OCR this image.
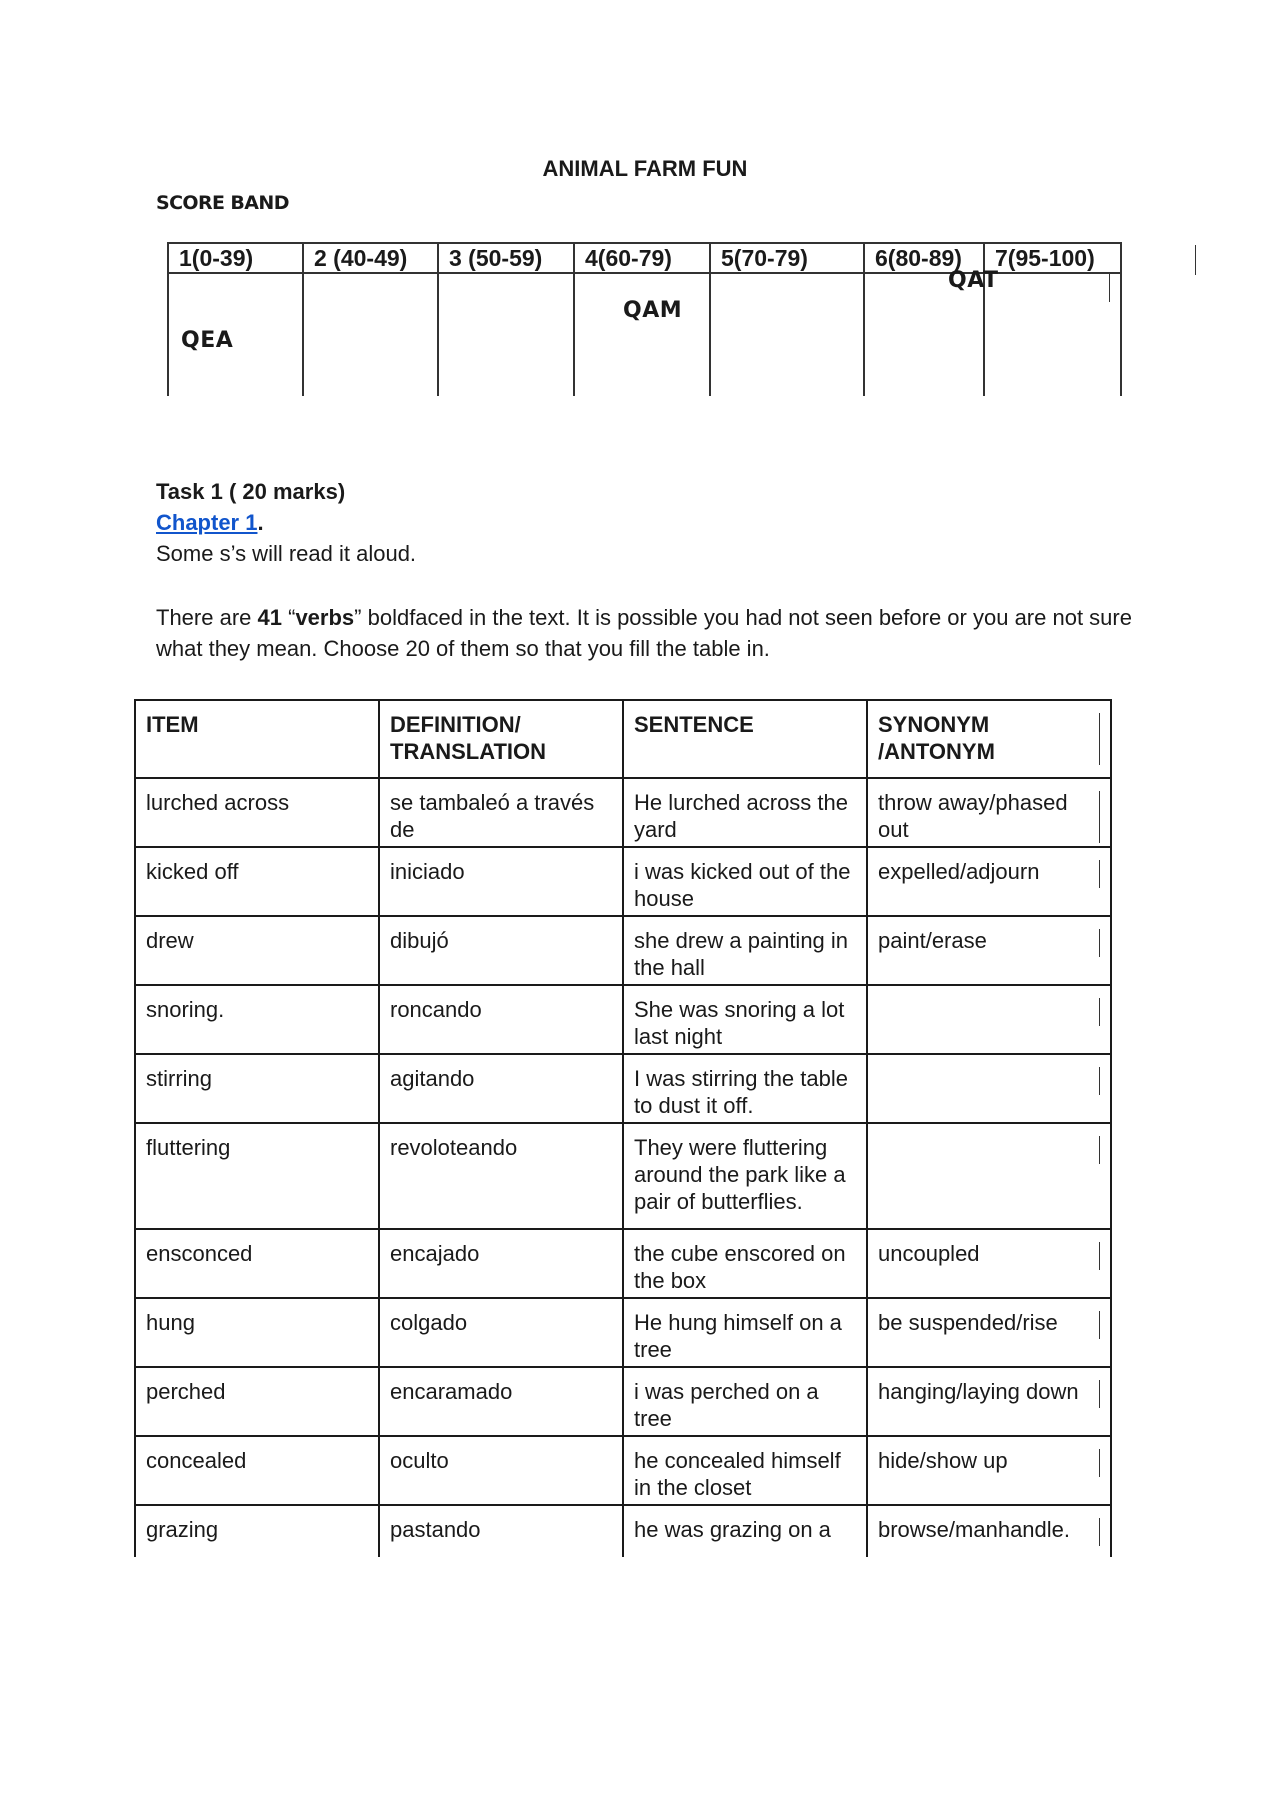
ANIMAL FARM FUN
SCORE BAND
1(0-39)	2 (40-49)	3 (50-59)	4(60-79)	5(70-79)	6(80-89)	7(95-100)

QEA			QAM		QAT	

Task 1 ( 20 marks)
Chapter 1.
Some s’s will read it aloud.
There are 41 “verbs” boldfaced in the text. It is possible you had not seen before or you are not sure what they mean. Choose 20 of them so that you fill the table in.
ITEM	DEFINITION/ TRANSLATION	SENTENCE	SYNONYM /ANTONYM

lurched across	se tambaleó a través de	He lurched across the yard	throw away/phased out

kicked off	iniciado	i was kicked out of the house	expelled/adjourn

drew	dibujó	she drew a painting in the hall	paint/erase

snoring.	roncando	She was snoring a lot last night	

stirring	agitando	I was stirring the table to dust it off.	

fluttering	revoloteando	They were fluttering around the park like a pair of butterflies.	

ensconced	encajado	the cube enscored on the box	uncoupled

hung	colgado	He hung himself on a tree	be suspended/rise

perched	encaramado	i was perched on a tree	hanging/laying down

concealed	oculto	he concealed himself in the closet	hide/show up

grazing	pastando	he was grazing on a	browse/manhandle.
